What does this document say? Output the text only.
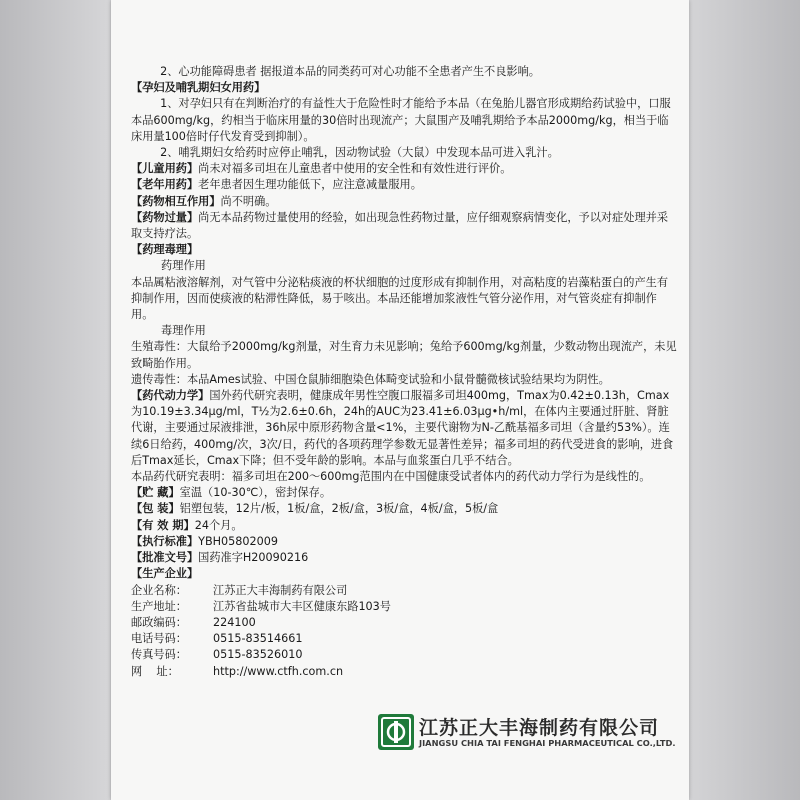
2、心功能障碍患者 据报道本品的同类药可对心功能不全患者产生不良影响。

【孕妇及哺乳期妇女用药】

1、对孕妇只有在判断治疗的有益性大于危险性时才能给予本品（在兔胎儿器官形成期给药试验中，口服本品600mg/kg，约相当于临床用量的30倍时出现流产；大鼠围产及哺乳期给予本品2000mg/kg，相当于临床用量100倍时仔代发育受到抑制）。

2、哺乳期妇女给药时应停止哺乳，因动物试验（大鼠）中发现本品可进入乳汁。

【儿童用药】尚未对福多司坦在儿童患者中使用的安全性和有效性进行评价。

【老年用药】老年患者因生理功能低下，应注意减量服用。

【药物相互作用】尚不明确。

【药物过量】尚无本品药物过量使用的经验，如出现急性药物过量，应仔细观察病情变化，予以对症处理并采取支持疗法。

【药理毒理】

药理作用

本品属粘液溶解剂，对气管中分泌粘痰液的杯状细胞的过度形成有抑制作用，对高粘度的岩藻粘蛋白的产生有抑制作用，因而使痰液的粘滞性降低，易于咳出。本品还能增加浆液性气管分泌作用，对气管炎症有抑制作用。

毒理作用

生殖毒性：大鼠给予2000mg/kg剂量，对生育力未见影响；兔给予600mg/kg剂量，少数动物出现流产，未见致畸胎作用。

遗传毒性：本品Ames试验、中国仓鼠肺细胞染色体畸变试验和小鼠骨髓微核试验结果均为阴性。

【药代动力学】国外药代研究表明，健康成年男性空腹口服福多司坦400mg，Tmax为0.42±0.13h，Cmax为10.19±3.34μg/ml，T½为2.6±0.6h，24h的AUC为23.41±6.03μg•h/ml，在体内主要通过肝脏、肾脏代谢，主要通过尿液排泄，36h尿中原形药物含量<1%，主要代谢物为N-乙酰基福多司坦（含量约53%）。连续6日给药，400mg/次，3次/日，药代的各项药理学参数无显著性差异；福多司坦的药代受进食的影响，进食后Tmax延长，Cmax下降；但不受年龄的影响。本品与血浆蛋白几乎不结合。

本品药代研究表明：福多司坦在200～600mg范围内在中国健康受试者体内的药代动力学行为是线性的。

【贮 藏】室温（10-30℃），密封保存。

【包 装】铝塑包装，12片/板，1板/盒，2板/盒，3板/盒，4板/盒，5板/盒

【有 效 期】24个月。

【执行标准】YBH05802009

【批准文号】国药准字H20090216

【生产企业】

企业名称：	江苏正大丰海制药有限公司
生产地址：	江苏省盐城市大丰区健康东路103号
邮政编码：	224100
电话号码：	0515-83514661
传真号码：	0515-83526010
网    址：	http://www.ctfh.com.cn
江苏正大丰海制药有限公司
JIANGSU CHIA TAI FENGHAI PHARMACEUTICAL CO.,LTD.
